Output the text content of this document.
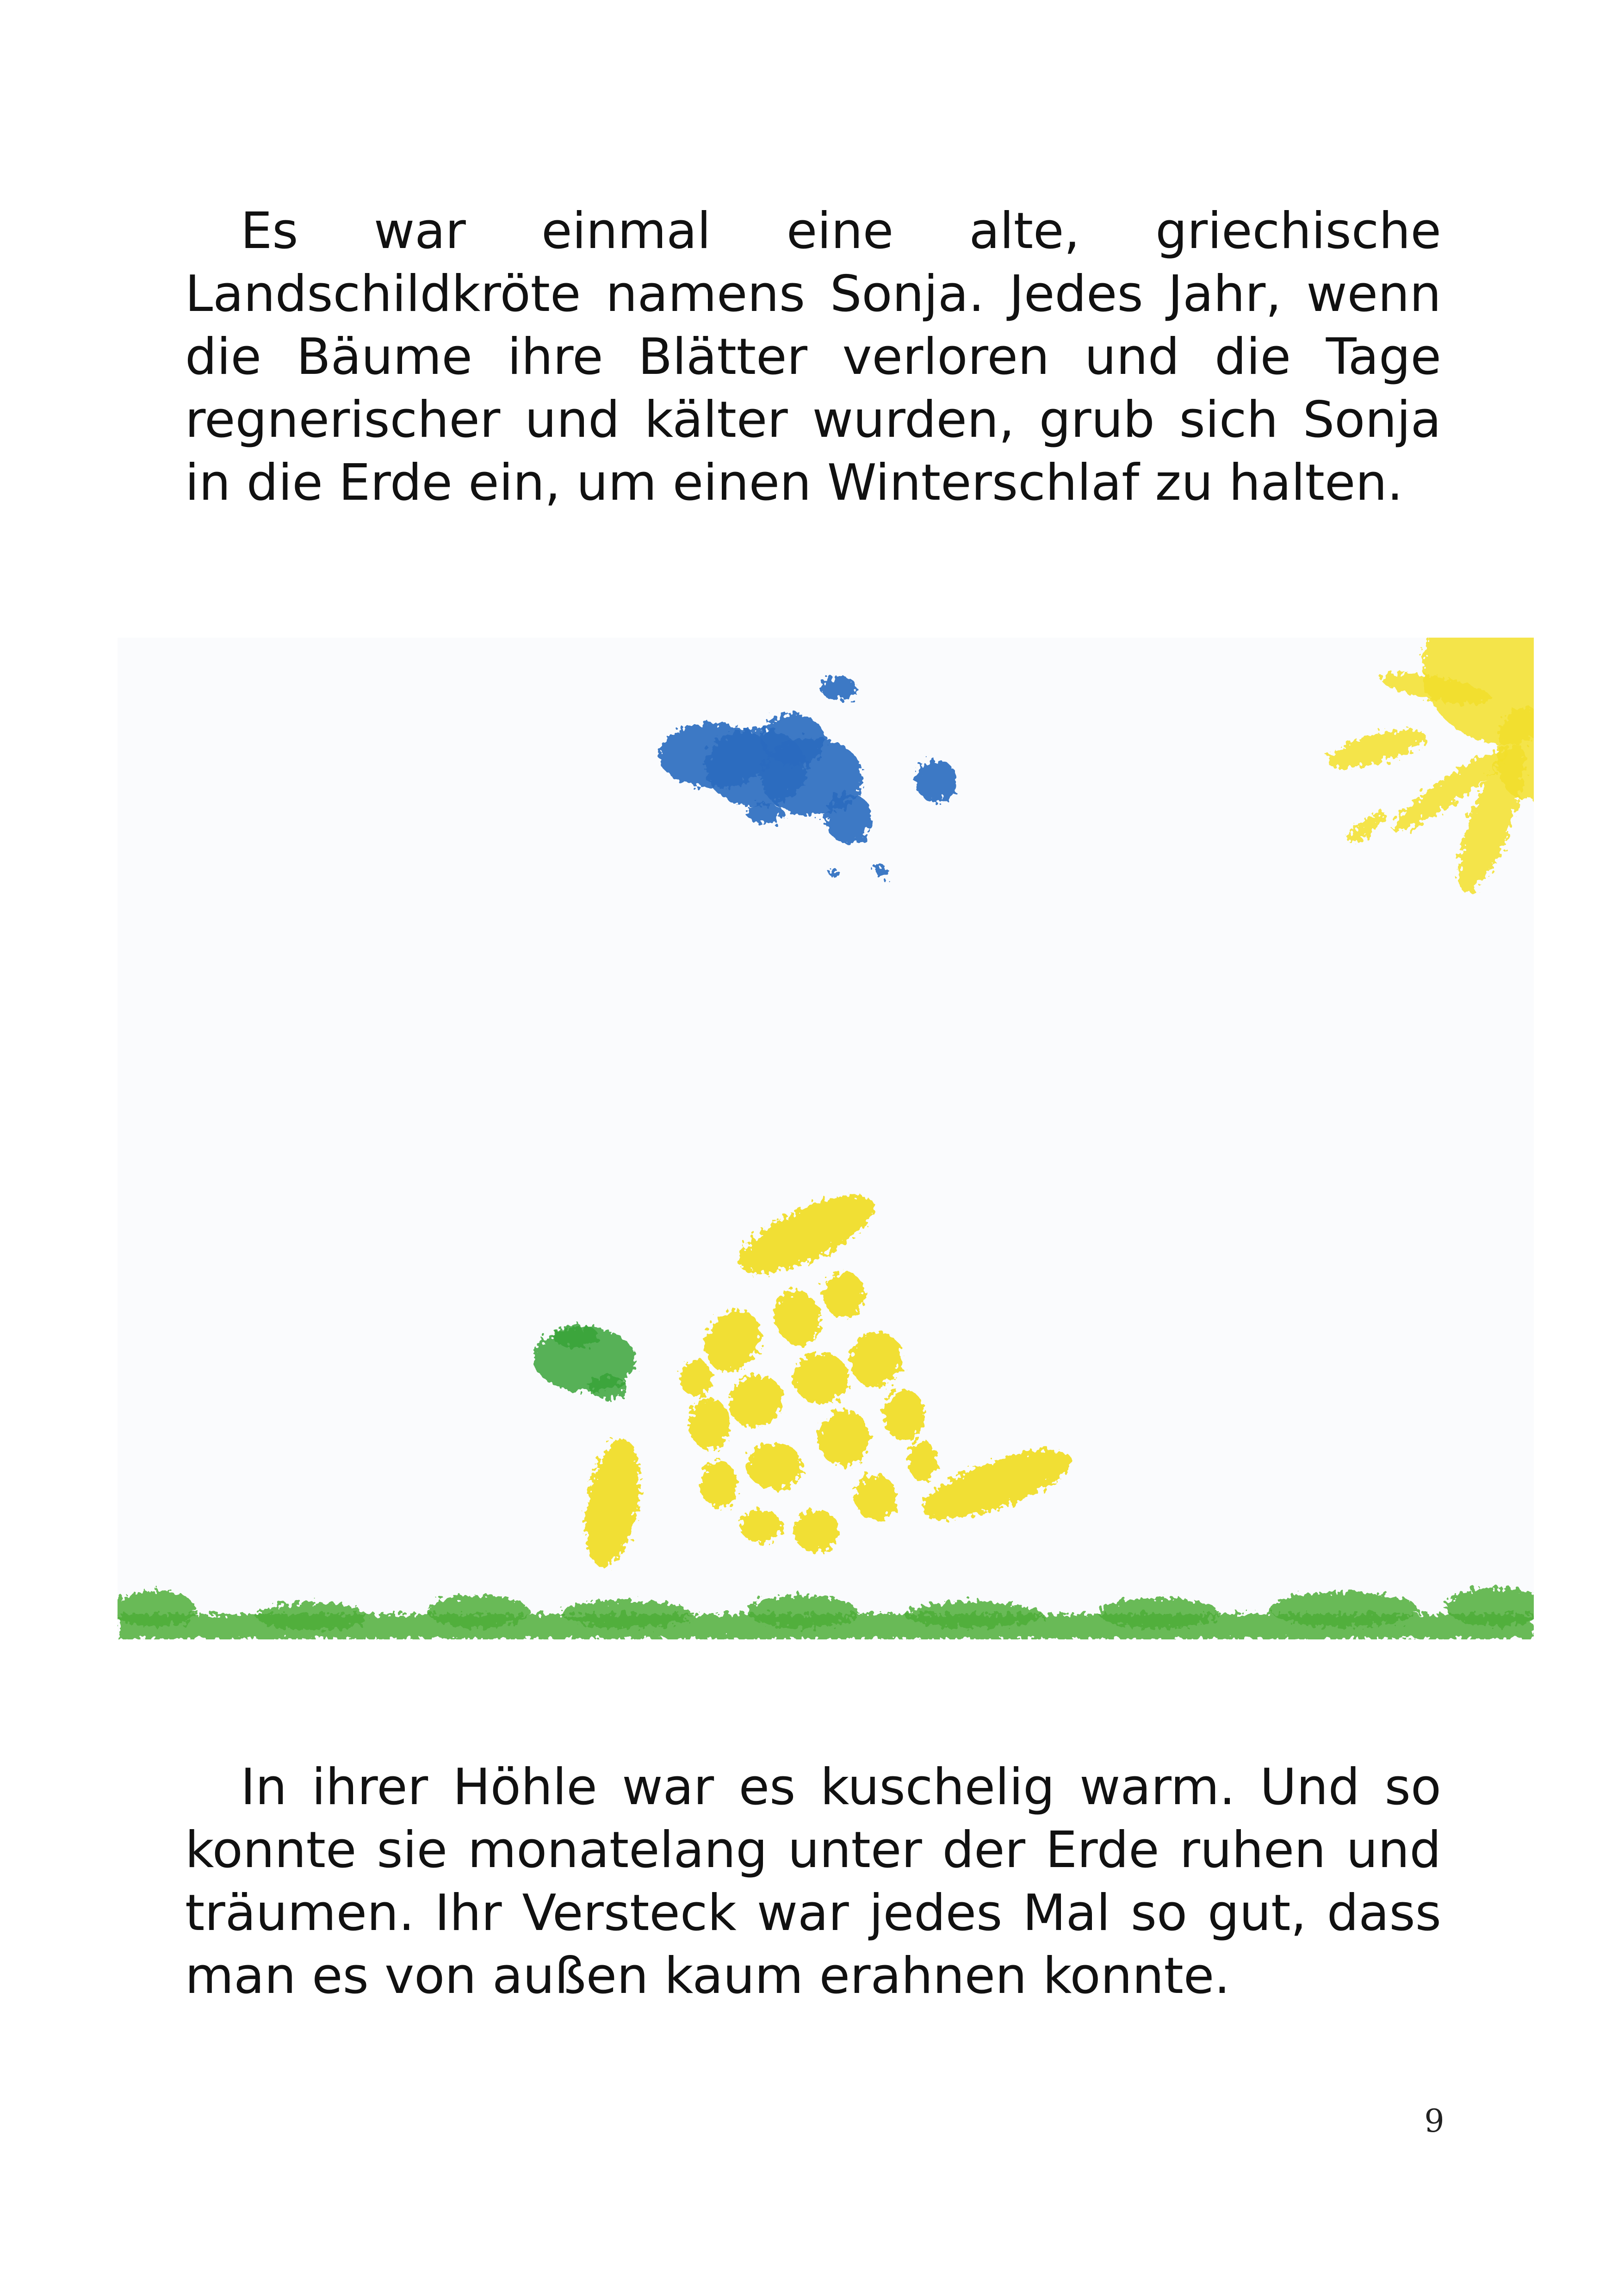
Es war einmal eine alte, griechische Landschildkröte namens Sonja. Jedes Jahr, wenn die Bäume ihre Blätter verloren und die Tage regnerischer und kälter wurden, grub sich Sonja in die Erde ein, um einen Winterschlaf zu halten.

In ihrer Höhle war es kuschelig warm. Und so konnte sie monatelang unter der Erde ruhen und träumen. Ihr Versteck war jedes Mal so gut, dass man es von außen kaum erahnen konnte.

9
